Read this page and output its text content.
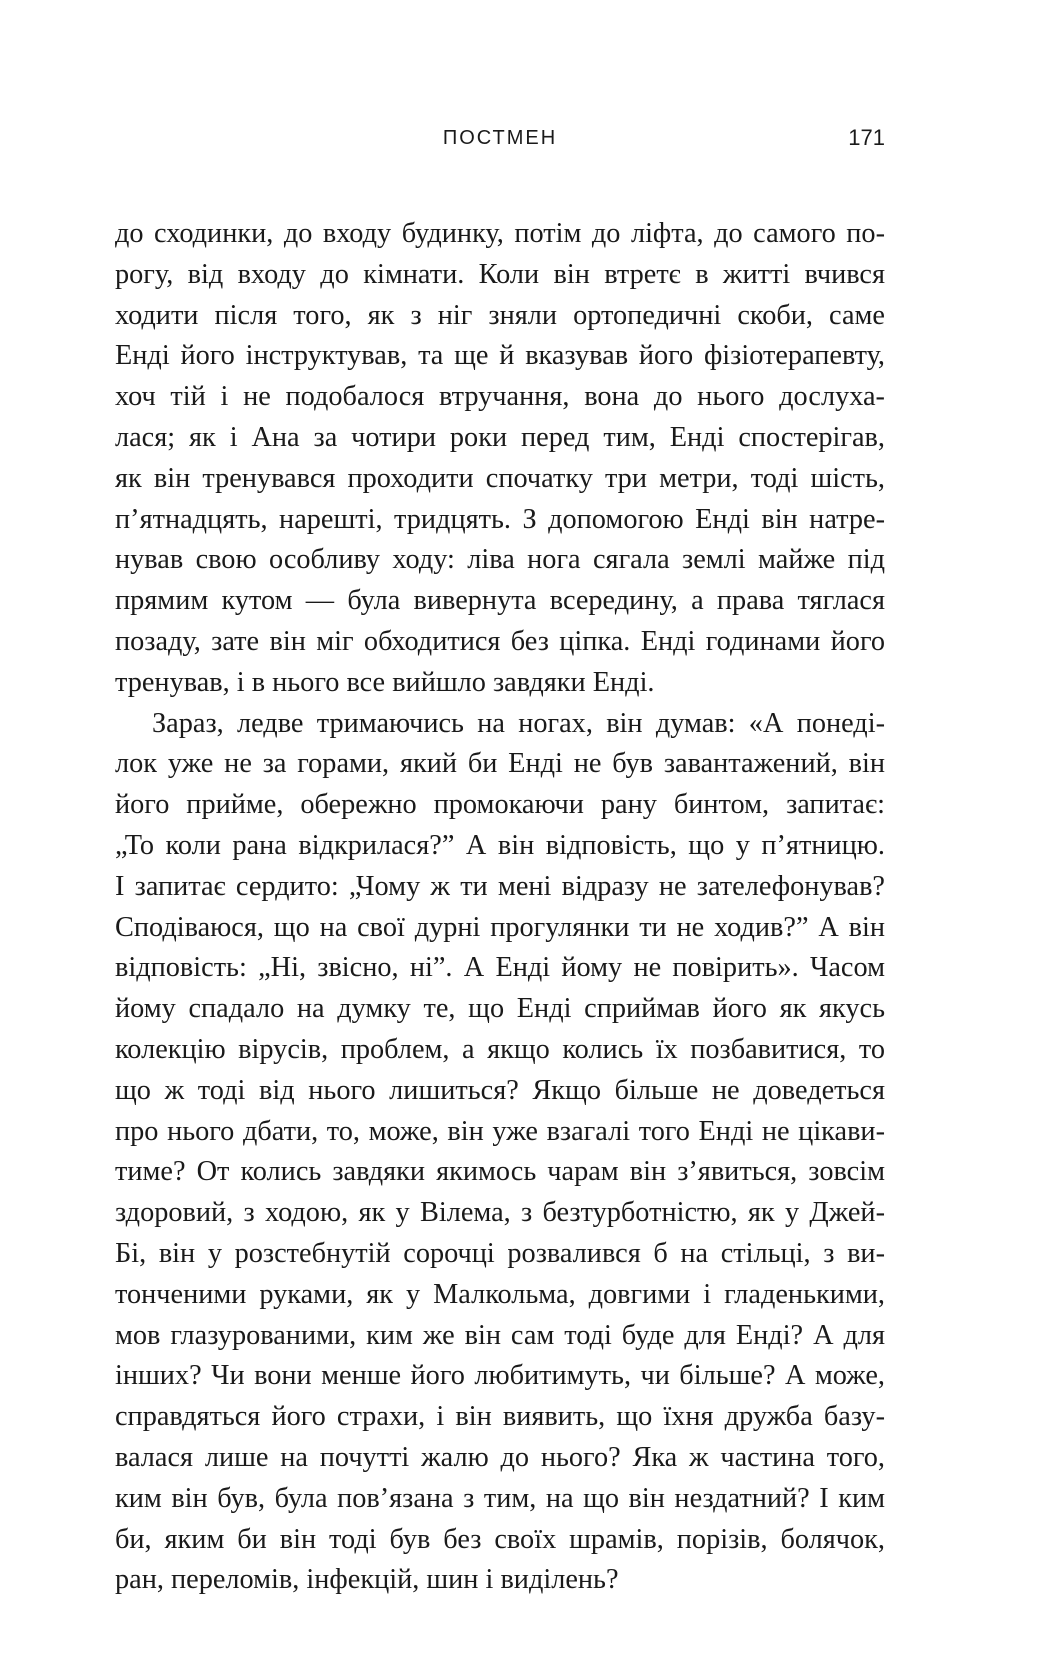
ПОСТМЕН	171
до сходинки, до входу будинку, потім до ліфта, до самого по-
рогу, від входу до кімнати. Коли він втретє в житті вчився
ходити після того, як з ніг зняли ортопедичні скоби, саме
Енді його інструктував, та ще й вказував його фізіотерапевту,
хоч тій і не подобалося втручання, вона до нього дослуха-
лася; як і Ана за чотири роки перед тим, Енді спостерігав,
як він тренувався проходити спочатку три метри, тоді шість,
п’ятнадцять, нарешті, тридцять. З допомогою Енді він натре-
нував свою особливу ходу: ліва нога сягала землі майже під
прямим кутом — була вивернута всередину, а права тяглася
позаду, зате він міг обходитися без ціпка. Енді годинами його
тренував, і в нього все вийшло завдяки Енді.
Зараз, ледве тримаючись на ногах, він думав: «А понеді-
лок уже не за горами, який би Енді не був завантажений, він
його прийме, обережно промокаючи рану бинтом, запитає:
„То коли рана відкрилася?” А він відповість, що у п’ятницю.
І запитає сердито: „Чому ж ти мені відразу не зателефонував?
Сподіваюся, що на свої дурні прогулянки ти не ходив?” А він
відповість: „Ні, звісно, ні”. А Енді йому не повірить». Часом
йому спадало на думку те, що Енді сприймав його як якусь
колекцію вірусів, проблем, а якщо колись їх позбавитися, то
що ж тоді від нього лишиться? Якщо більше не доведеться
про нього дбати, то, може, він уже взагалі того Енді не цікави-
тиме? От колись завдяки якимось чарам він з’явиться, зовсім
здоровий, з ходою, як у Вілема, з безтурботністю, як у Джей-
Бі, він у розстебнутій сорочці розвалився б на стільці, з ви-
тонченими руками, як у Малкольма, довгими і гладенькими,
мов глазурованими, ким же він сам тоді буде для Енді? А для
інших? Чи вони менше його любитимуть, чи більше? А може,
справдяться його страхи, і він виявить, що їхня дружба базу-
валася лише на почутті жалю до нього? Яка ж частина того,
ким він був, була пов’язана з тим, на що він нездатний? І ким
би, яким би він тоді був без своїх шрамів, порізів, болячок,
ран, переломів, інфекцій, шин і виділень?
